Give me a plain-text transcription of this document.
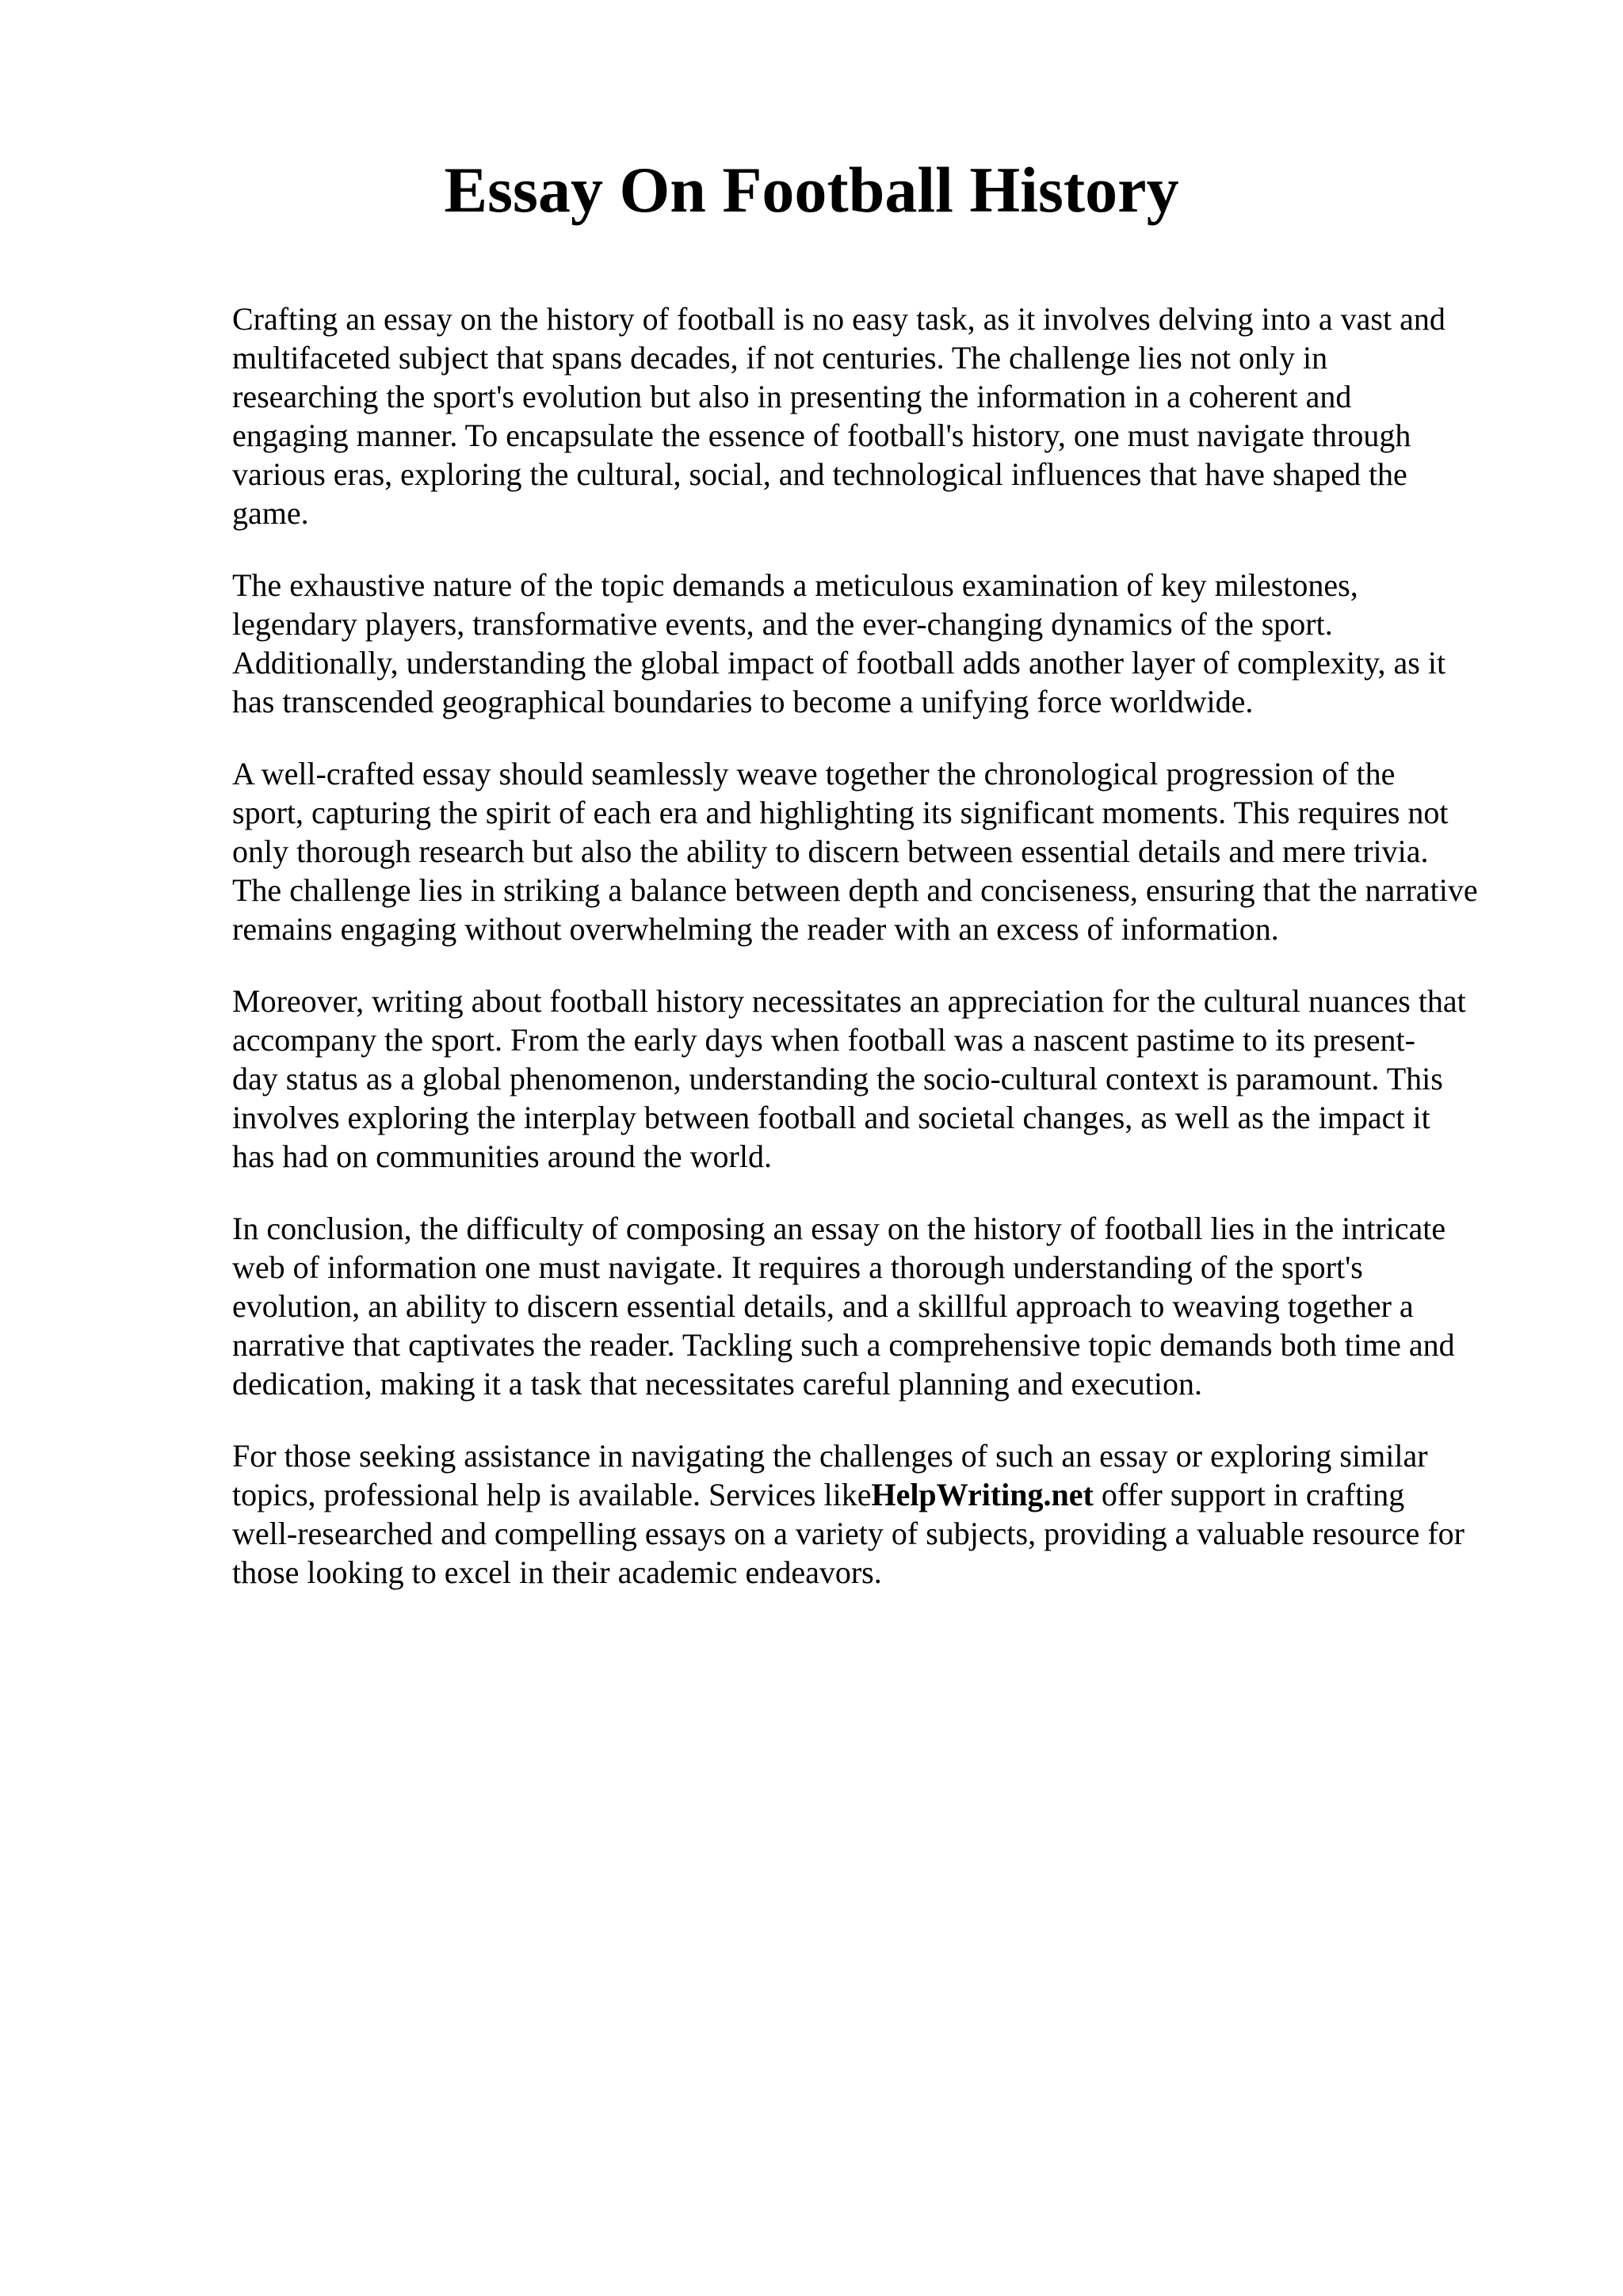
Essay On Football History

Crafting an essay on the history of football is no easy task, as it involves delving into a vast and
multifaceted subject that spans decades, if not centuries. The challenge lies not only in
researching the sport's evolution but also in presenting the information in a coherent and
engaging manner. To encapsulate the essence of football's history, one must navigate through
various eras, exploring the cultural, social, and technological influences that have shaped the
game.

The exhaustive nature of the topic demands a meticulous examination of key milestones,
legendary players, transformative events, and the ever-changing dynamics of the sport.
Additionally, understanding the global impact of football adds another layer of complexity, as it
has transcended geographical boundaries to become a unifying force worldwide.

A well-crafted essay should seamlessly weave together the chronological progression of the
sport, capturing the spirit of each era and highlighting its significant moments. This requires not
only thorough research but also the ability to discern between essential details and mere trivia.
The challenge lies in striking a balance between depth and conciseness, ensuring that the narrative
remains engaging without overwhelming the reader with an excess of information.

Moreover, writing about football history necessitates an appreciation for the cultural nuances that
accompany the sport. From the early days when football was a nascent pastime to its present-
day status as a global phenomenon, understanding the socio-cultural context is paramount. This
involves exploring the interplay between football and societal changes, as well as the impact it
has had on communities around the world.

In conclusion, the difficulty of composing an essay on the history of football lies in the intricate
web of information one must navigate. It requires a thorough understanding of the sport's
evolution, an ability to discern essential details, and a skillful approach to weaving together a
narrative that captivates the reader. Tackling such a comprehensive topic demands both time and
dedication, making it a task that necessitates careful planning and execution.

For those seeking assistance in navigating the challenges of such an essay or exploring similar
topics, professional help is available. Services likeHelpWriting.net offer support in crafting
well-researched and compelling essays on a variety of subjects, providing a valuable resource for
those looking to excel in their academic endeavors.
